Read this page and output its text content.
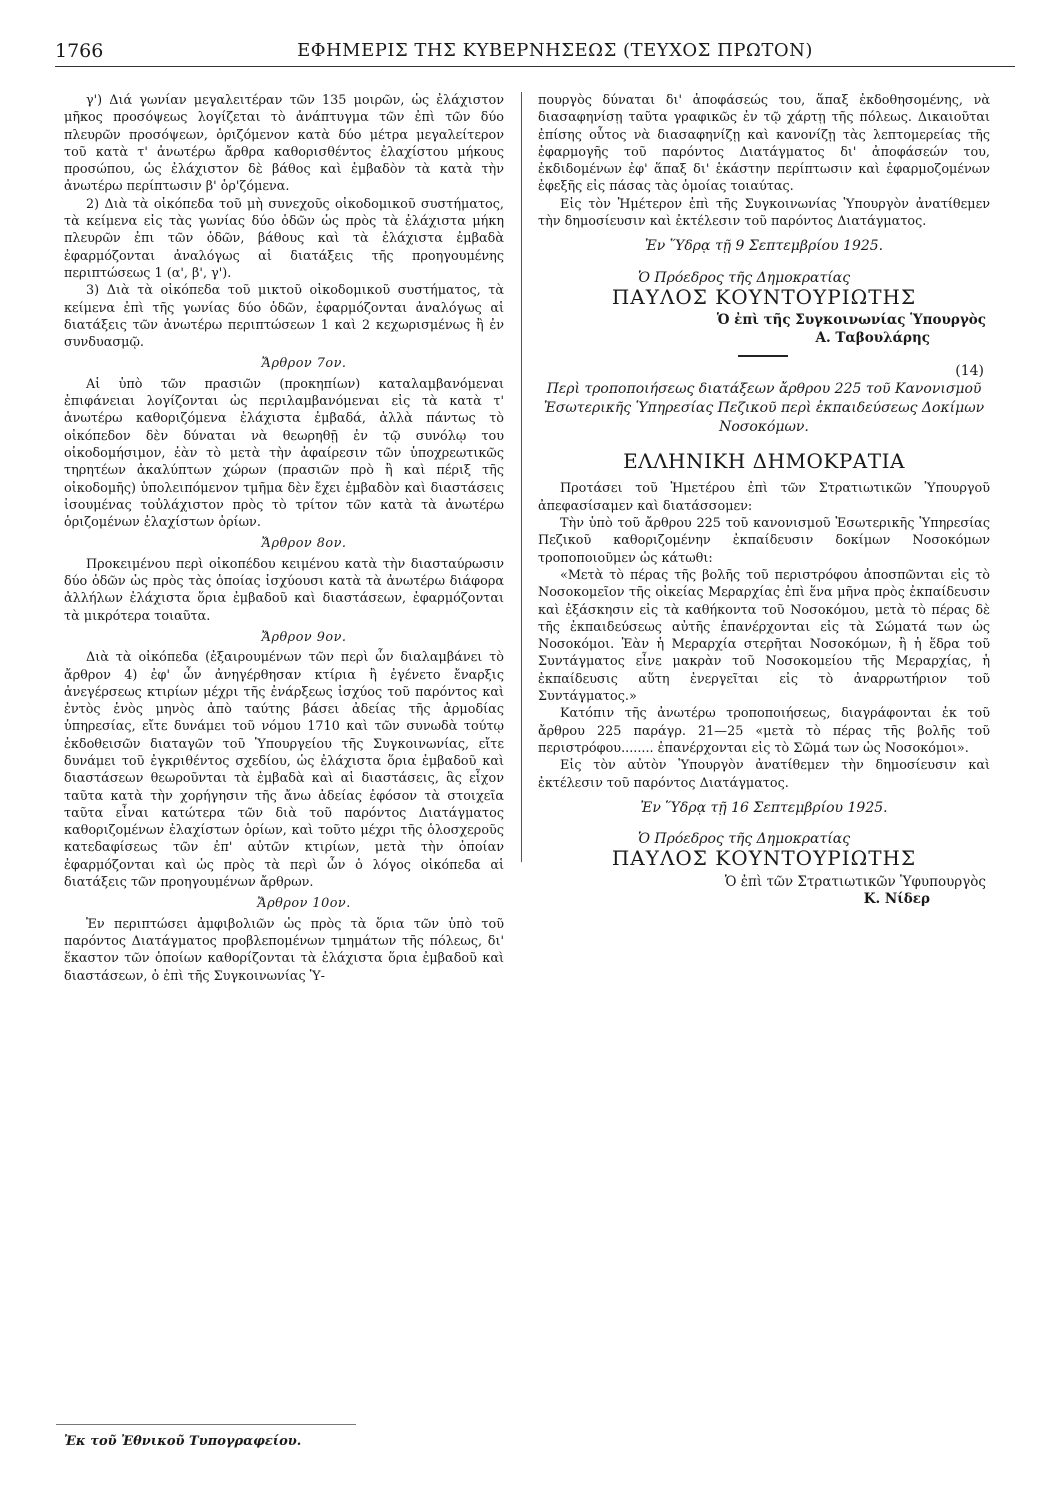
1766	ΕΦΗΜΕΡΙΣ ΤΗΣ ΚΥΒΕΡΝΗΣΕΩΣ (ΤΕΥΧΟΣ ΠΡΩΤΟΝ)

γ') Διά γωνίαν μεγαλειτέραν τῶν 135 μοιρῶν, ὡς ἐλάχιστον μῆκος προσόψεως λογίζεται τὸ ἀνάπτυγμα τῶν ἐπὶ τῶν δύο πλευρῶν προσόψεων, ὁριζόμενον κατὰ δύο μέτρα μεγαλείτερον τοῦ κατὰ τ' ἀνωτέρω ἄρθρα καθορισθέντος ἐλαχίστου μήκους προσώπου, ὡς ἐλάχιστον δὲ βάθος καὶ ἐμβαδὸν τὰ κατὰ τὴν ἀνωτέρω περίπτωσιν β' ὁρ'ζόμενα.

2) Διὰ τὰ οἰκόπεδα τοῦ μὴ συνεχοῦς οἰκοδομικοῦ συστήματος, τὰ κείμενα εἰς τὰς γωνίας δύο ὁδῶν ὡς πρὸς τὰ ἐλάχιστα μήκη πλευρῶν ἐπι τῶν ὁδῶν, βάθους καὶ τὰ ἐλάχιστα ἐμβαδὰ ἐφαρμόζονται ἀναλόγως αἱ διατάξεις τῆς προηγουμένης περιπτώσεως 1 (α', β', γ').

3) Διὰ τὰ οἰκόπεδα τοῦ μικτοῦ οἰκοδομικοῦ συστήματος, τὰ κείμενα ἐπὶ τῆς γωνίας δύο ὁδῶν, ἐφαρμόζονται ἀναλόγως αἱ διατάξεις τῶν ἀνωτέρω περιπτώσεων 1 καὶ 2 κεχωρισμένως ἢ ἐν συνδυασμῷ.

Ἄρθρον 7ον.

Αἱ ὑπὸ τῶν πρασιῶν (προκηπίων) καταλαμβανόμεναι ἐπιφάνειαι λογίζονται ὡς περιλαμβανόμεναι εἰς τὰ κατὰ τ' ἀνωτέρω καθοριζόμενα ἐλάχιστα ἐμβαδά, ἀλλὰ πάντως τὸ οἰκόπεδον δὲν δύναται νὰ θεωρηθῇ ἐν τῷ συνόλῳ του οἰκοδομήσιμον, ἐὰν τὸ μετὰ τὴν ἀφαίρεσιν τῶν ὑποχρεωτικῶς τηρητέων ἀκαλύπτων χώρων (πρασιῶν πρὸ ἢ καὶ πέριξ τῆς οἰκοδομῆς) ὑπολειπόμενον τμῆμα δὲν ἔχει ἐμβαδὸν καὶ διαστάσεις ἰσουμένας τοὐλάχιστον πρὸς τὸ τρίτον τῶν κατὰ τὰ ἀνωτέρω ὁριζομένων ἐλαχίστων ὁρίων.

Ἄρθρον 8ον.

Προκειμένου περὶ οἰκοπέδου κειμένου κατὰ τὴν διασταύρωσιν δύο ὁδῶν ὡς πρὸς τὰς ὁποίας ἰσχύουσι κατὰ τὰ ἀνωτέρω διάφορα ἀλλήλων ἐλάχιστα ὅρια ἐμβαδοῦ καὶ διαστάσεων, ἐφαρμόζονται τὰ μικρότερα τοιαῦτα.

Ἄρθρον 9ον.

Διὰ τὰ οἰκόπεδα (ἐξαιρουμένων τῶν περὶ ὧν διαλαμβάνει τὸ ἄρθρον 4) ἐφ' ὧν ἀνηγέρθησαν κτίρια ἢ ἐγένετο ἔναρξις ἀνεγέρσεως κτιρίων μέχρι τῆς ἐνάρξεως ἰσχύος τοῦ παρόντος καὶ ἐντὸς ἑνὸς μηνὸς ἀπὸ ταύτης βάσει ἀδείας τῆς ἁρμοδίας ὑπηρεσίας, εἴτε δυνάμει τοῦ νόμου 1710 καὶ τῶν συνωδὰ τούτῳ ἐκδοθεισῶν διαταγῶν τοῦ Ὑπουργείου τῆς Συγκοινωνίας, εἴτε δυνάμει τοῦ ἐγκριθέντος σχεδίου, ὡς ἐλάχιστα ὅρια ἐμβαδοῦ καὶ διαστάσεων θεωροῦνται τὰ ἐμβαδὰ καὶ αἱ διαστάσεις, ἃς εἶχον ταῦτα κατὰ τὴν χορήγησιν τῆς ἄνω ἀδείας ἐφόσον τὰ στοιχεῖα ταῦτα εἶναι κατώτερα τῶν διὰ τοῦ παρόντος Διατάγματος καθοριζομένων ἐλαχίστων ὁρίων, καὶ τοῦτο μέχρι τῆς ὁλοσχεροῦς κατεδαφίσεως τῶν ἐπ' αὐτῶν κτιρίων, μετὰ τὴν ὁποίαν ἐφαρμόζονται καὶ ὡς πρὸς τὰ περὶ ὧν ὁ λόγος οἰκόπεδα αἱ διατάξεις τῶν προηγουμένων ἄρθρων.

Ἄρθρον 10ον.

Ἐν περιπτώσει ἀμφιβολιῶν ὡς πρὸς τὰ ὅρια τῶν ὑπὸ τοῦ παρόντος Διατάγματος προβλεπομένων τμημάτων τῆς πόλεως, δι' ἕκαστον τῶν ὁποίων καθορίζονται τὰ ἐλάχιστα ὅρια ἐμβαδοῦ καὶ διαστάσεων, ὁ ἐπὶ τῆς Συγκοινωνίας Ὑ-

πουργὸς δύναται δι' ἀποφάσεώς του, ἅπαξ ἐκδοθησομένης, νὰ διασαφηνίσῃ ταῦτα γραφικῶς ἐν τῷ χάρτῃ τῆς πόλεως. Δικαιοῦται ἐπίσης οὗτος νὰ διασαφηνίζῃ καὶ κανονίζῃ τὰς λεπτομερείας τῆς ἐφαρμογῆς τοῦ παρόντος Διατάγματος δι' ἀποφάσεών του, ἐκδιδομένων ἐφ' ἅπαξ δι' ἑκάστην περίπτωσιν καὶ ἐφαρμοζομένων ἐφεξῆς εἰς πάσας τὰς ὁμοίας τοιαύτας.

Εἰς τὸν Ἡμέτερον ἐπὶ τῆς Συγκοινωνίας Ὑπουργὸν ἀνατίθεμεν τὴν δημοσίευσιν καὶ ἐκτέλεσιν τοῦ παρόντος Διατάγματος.

Ἐν Ὕδρᾳ τῇ 9 Σεπτεμβρίου 1925.
Ὁ Πρόεδρος τῆς Δημοκρατίας
ΠΑΥΛΟΣ ΚΟΥΝΤΟΥΡΙΩΤΗΣ
Ὁ ἐπὶ τῆς Συγκοινωνίας Ὑπουργὸς
Α. Ταβουλάρης
(14)
Περὶ τροποποιήσεως διατάξεων ἄρθρου 225 τοῦ Κανονισμοῦ Ἐσωτερικῆς Ὑπηρεσίας Πεζικοῦ περὶ ἐκπαιδεύσεως Δοκίμων Νοσοκόμων.
ΕΛΛΗΝΙΚΗ ΔΗΜΟΚΡΑΤΙΑ

Προτάσει τοῦ Ἡμετέρου ἐπὶ τῶν Στρατιωτικῶν Ὑπουργοῦ ἀπεφασίσαμεν καὶ διατάσσομεν:

Τὴν ὑπὸ τοῦ ἄρθρου 225 τοῦ κανονισμοῦ Ἐσωτερικῆς Ὑπηρεσίας Πεζικοῦ καθοριζομένην ἐκπαίδευσιν δοκίμων Νοσοκόμων τροποποιοῦμεν ὡς κάτωθι:

«Μετὰ τὸ πέρας τῆς βολῆς τοῦ περιστρόφου ἀποσπῶνται εἰς τὸ Νοσοκομεῖον τῆς οἰκείας Μεραρχίας ἐπὶ ἕνα μῆνα πρὸς ἐκπαίδευσιν καὶ ἐξάσκησιν εἰς τὰ καθήκοντα τοῦ Νοσοκόμου, μετὰ τὸ πέρας δὲ τῆς ἐκπαιδεύσεως αὐτῆς ἐπανέρχονται εἰς τὰ Σώματά των ὡς Νοσοκόμοι. Ἐὰν ἡ Μεραρχία στερῆται Νοσοκόμων, ἢ ἡ ἕδρα τοῦ Συντάγματος εἶνε μακρὰν τοῦ Νοσοκομείου τῆς Μεραρχίας, ἡ ἐκπαίδευσις αὕτη ἐνεργεῖται εἰς τὸ ἀναρρωτήριον τοῦ Συντάγματος.»

Κατόπιν τῆς ἀνωτέρω τροποποιήσεως, διαγράφονται ἐκ τοῦ ἄρθρου 225 παράγρ. 21—25 «μετὰ τὸ πέρας τῆς βολῆς τοῦ περιστρόφου........ ἐπανέρχονται εἰς τὸ Σῶμά των ὡς Νοσοκόμοι».

Εἰς τὸν αὐτὸν Ὑπουργὸν ἀνατίθεμεν τὴν δημοσίευσιν καὶ ἐκτέλεσιν τοῦ παρόντος Διατάγματος.

Ἐν Ὕδρᾳ τῇ 16 Σεπτεμβρίου 1925.
Ὁ Πρόεδρος τῆς Δημοκρατίας
ΠΑΥΛΟΣ ΚΟΥΝΤΟΥΡΙΩΤΗΣ
Ὁ ἐπὶ τῶν Στρατιωτικῶν Ὑφυπουργὸς
Κ. Νίδερ
Ἐκ τοῦ Ἐθνικοῦ Τυπογραφείου.
